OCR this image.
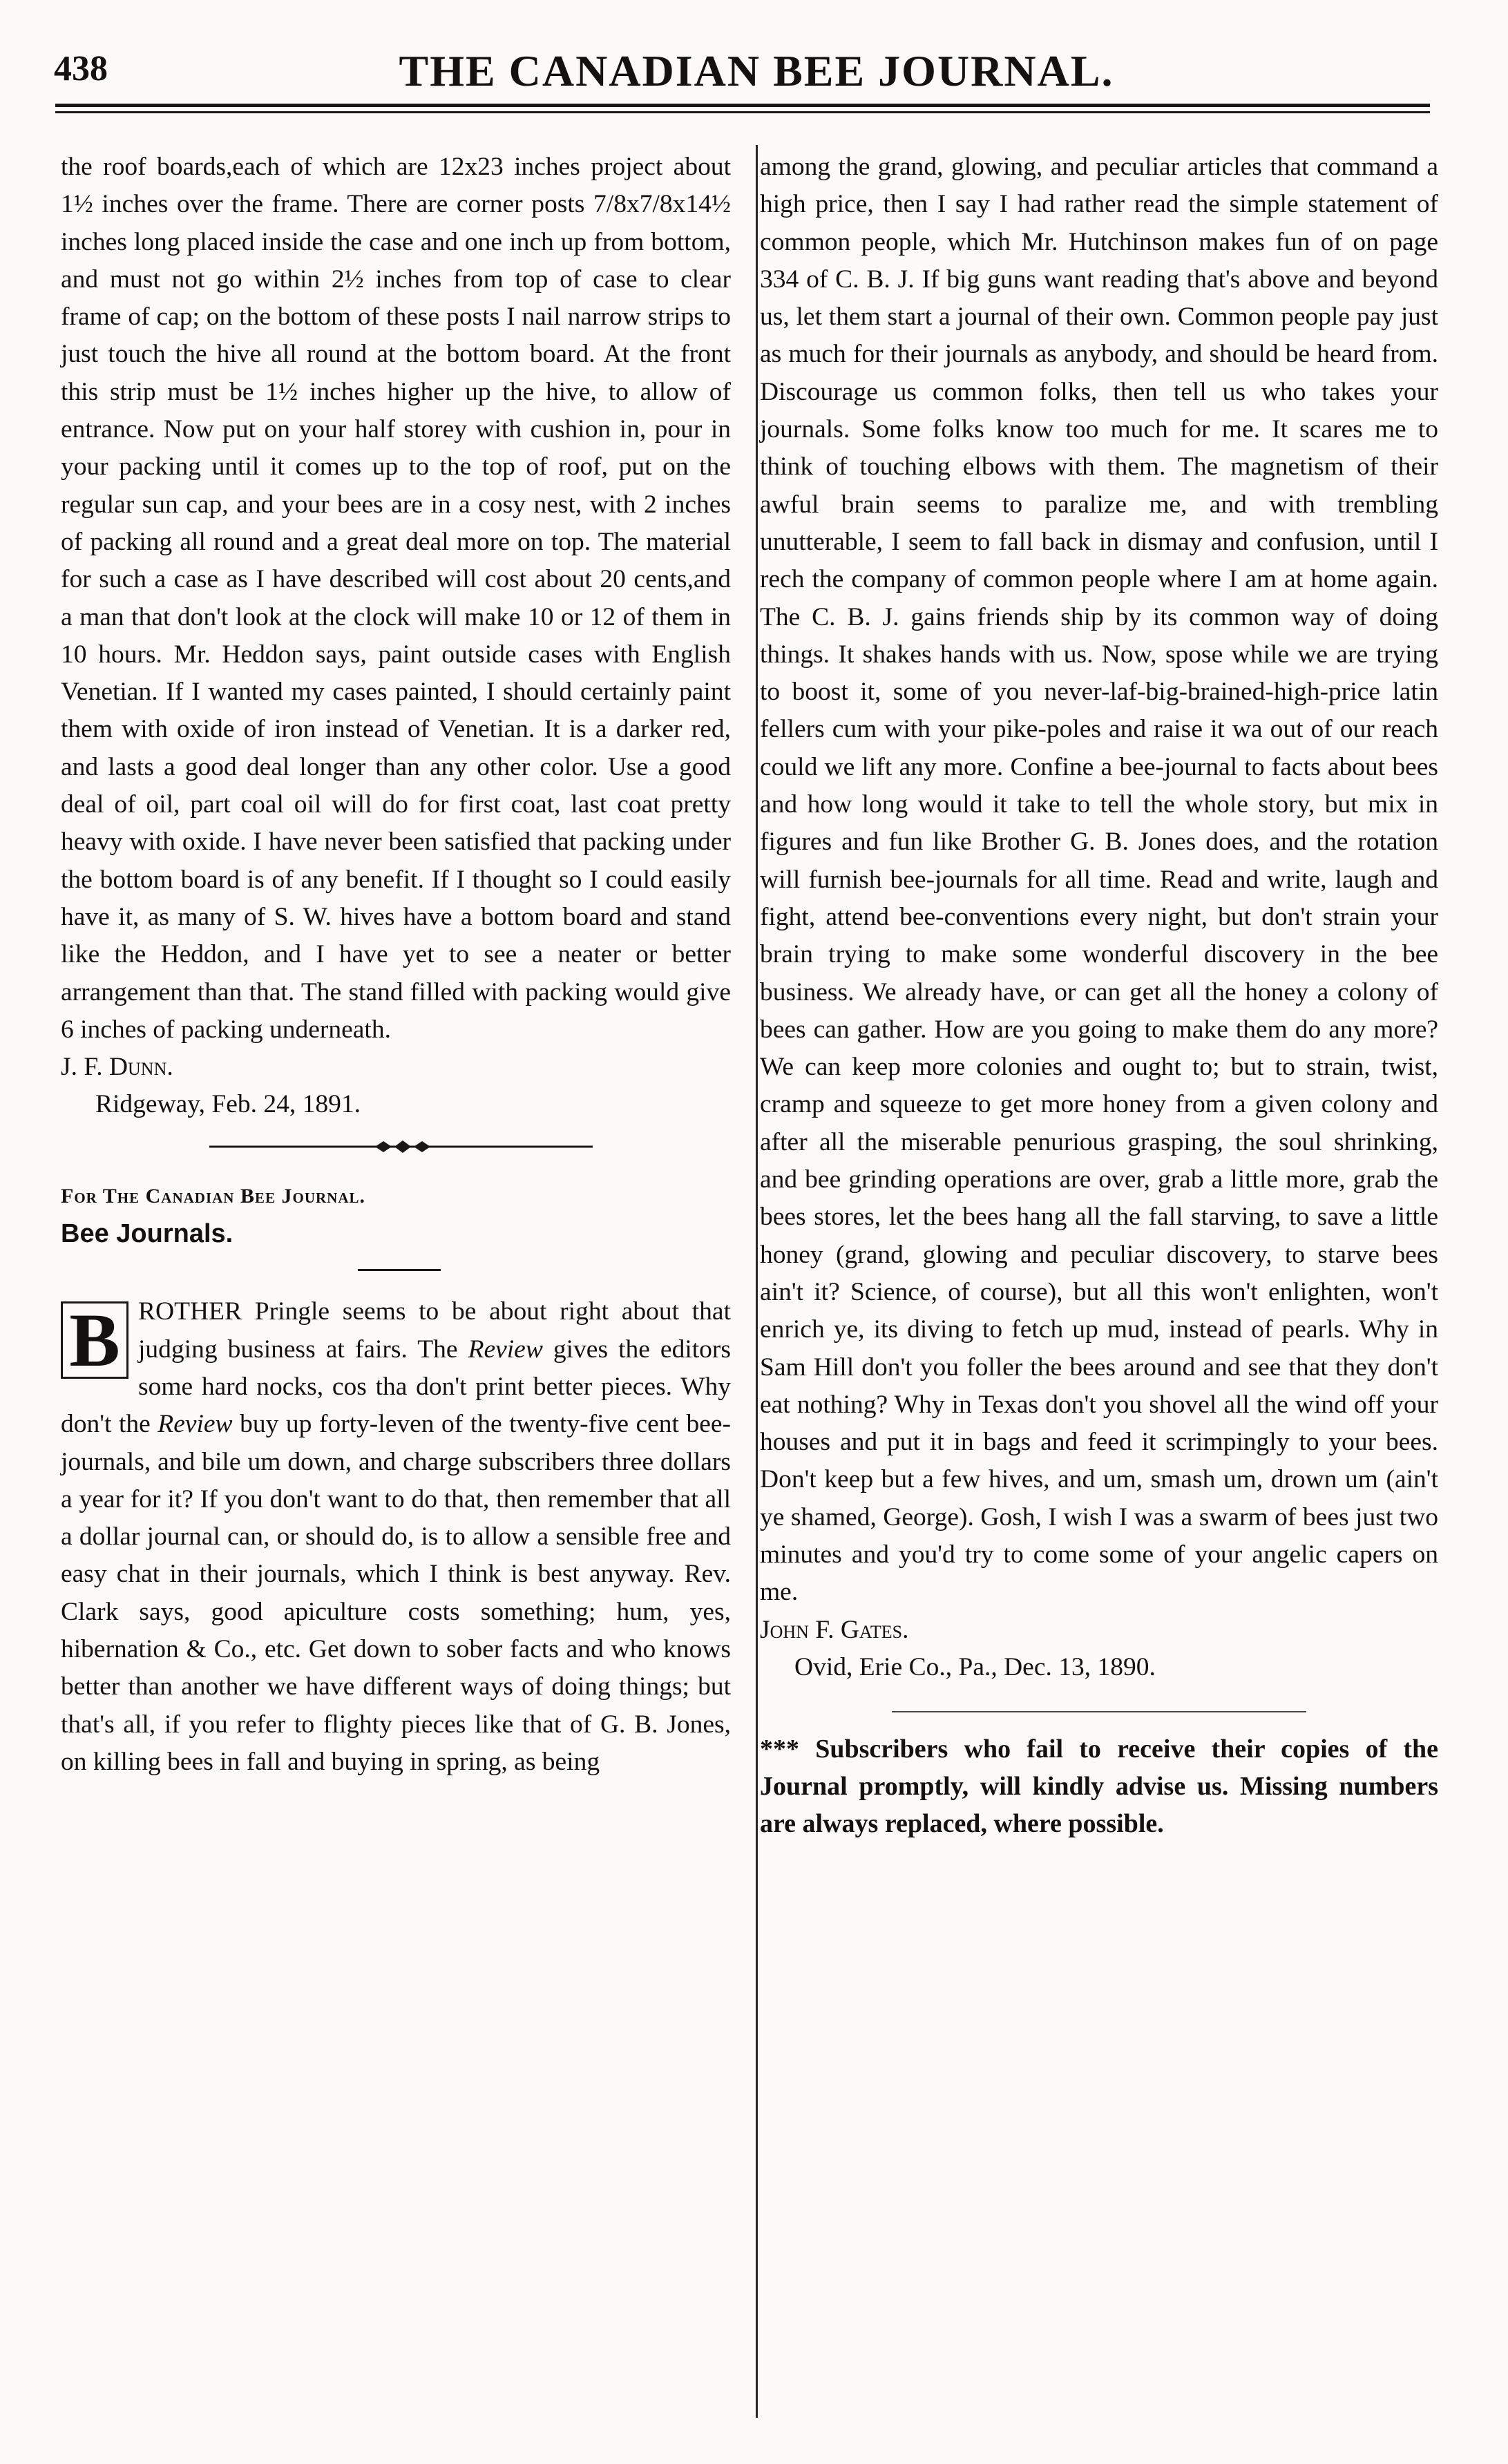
438	THE CANADIAN BEE JOURNAL.

the roof boards,each of which are 12x23 inches project about 1½ inches over the frame. There are corner posts 7/8x7/8x14½ inches long placed inside the case and one inch up from bottom, and must not go within 2½ inches from top of case to clear frame of cap; on the bottom of these posts I nail narrow strips to just touch the hive all round at the bottom board. At the front this strip must be 1½ inches higher up the hive, to allow of entrance. Now put on your half storey with cushion in, pour in your packing until it comes up to the top of roof, put on the regular sun cap, and your bees are in a cosy nest, with 2 inches of packing all round and a great deal more on top. The material for such a case as I have described will cost about 20 cents,and a man that don't look at the clock will make 10 or 12 of them in 10 hours. Mr. Heddon says, paint outside cases with English Venetian. If I wanted my cases painted, I should certainly paint them with oxide of iron instead of Venetian. It is a darker red, and lasts a good deal longer than any other color. Use a good deal of oil, part coal oil will do for first coat, last coat pretty heavy with oxide. I have never been satisfied that packing under the bottom board is of any benefit. If I thought so I could easily have it, as many of S. W. hives have a bottom board and stand like the Heddon, and I have yet to see a neater or better arrangement than that. The stand filled with packing would give 6 inches of packing underneath.

J. F. Dunn.

Ridgeway, Feb. 24, 1891.

For The Canadian Bee Journal.

Bee Journals.

B ROTHER Pringle seems to be about right about that judging business at fairs. The Review gives the editors some hard nocks, cos tha don't print better pieces. Why don't the Review buy up forty-leven of the twenty-five cent bee-journals, and bile um down, and charge subscribers three dollars a year for it? If you don't want to do that, then remember that all a dollar journal can, or should do, is to allow a sensible free and easy chat in their journals, which I think is best anyway. Rev. Clark says, good apiculture costs something; hum, yes, hibernation & Co., etc. Get down to sober facts and who knows better than another we have different ways of doing things; but that's all, if you refer to flighty pieces like that of G. B. Jones, on killing bees in fall and buying in spring, as being

among the grand, glowing, and peculiar articles that command a high price, then I say I had rather read the simple statement of common people, which Mr. Hutchinson makes fun of on page 334 of C. B. J. If big guns want reading that's above and beyond us, let them start a journal of their own. Common people pay just as much for their journals as anybody, and should be heard from. Discourage us common folks, then tell us who takes your journals. Some folks know too much for me. It scares me to think of touching elbows with them. The magnetism of their awful brain seems to paralize me, and with trembling unutterable, I seem to fall back in dismay and confusion, until I rech the company of common people where I am at home again. The C. B. J. gains friends ship by its common way of doing things. It shakes hands with us. Now, spose while we are trying to boost it, some of you never-laf-big-brained-high-price latin fellers cum with your pike-poles and raise it wa out of our reach could we lift any more. Confine a bee-journal to facts about bees and how long would it take to tell the whole story, but mix in figures and fun like Brother G. B. Jones does, and the rotation will furnish bee-journals for all time. Read and write, laugh and fight, attend bee-conventions every night, but don't strain your brain trying to make some wonderful discovery in the bee business. We already have, or can get all the honey a colony of bees can gather. How are you going to make them do any more? We can keep more colonies and ought to; but to strain, twist, cramp and squeeze to get more honey from a given colony and after all the miserable penurious grasping, the soul shrinking, and bee grinding operations are over, grab a little more, grab the bees stores, let the bees hang all the fall starving, to save a little honey (grand, glowing and peculiar discovery, to starve bees ain't it? Science, of course), but all this won't enlighten, won't enrich ye, its diving to fetch up mud, instead of pearls. Why in Sam Hill don't you foller the bees around and see that they don't eat nothing? Why in Texas don't you shovel all the wind off your houses and put it in bags and feed it scrimpingly to your bees. Don't keep but a few hives, and um, smash um, drown um (ain't ye shamed, George). Gosh, I wish I was a swarm of bees just two minutes and you'd try to come some of your angelic capers on me.

John F. Gates.

Ovid, Erie Co., Pa., Dec. 13, 1890.

*** Subscribers who fail to receive their copies of the Journal promptly, will kindly advise us. Missing numbers are always replaced, where possible.
